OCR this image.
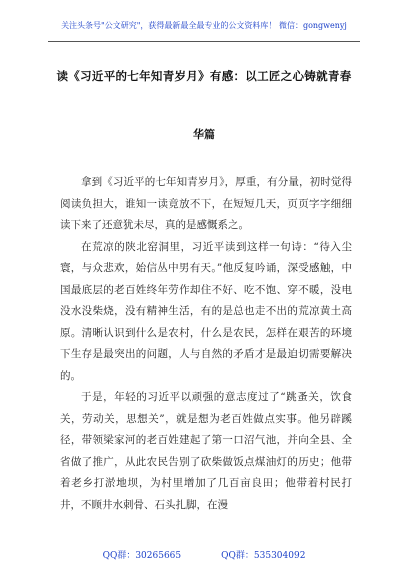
关注头条号"公文研究"，获得最新最全最专业的公文资料库！ 微信：gongwenyj
读《习近平的七年知青岁月》有感：以工匠之心铸就青春
华篇

拿到《习近平的七年知青岁月》，厚重，有分量，初时觉得阅读负担大，谁知一读竟放不下，在短短几天，页页字字细细读下来了还意犹未尽，真的是感慨系之。

在荒凉的陕北窑洞里，习近平读到这样一句诗：“待入尘寰，与众悲欢，始信丛中男有天。”他反复吟诵，深受感触，中国最底层的老百姓终年劳作却住不好、吃不饱、穿不暖，没电没水没柴烧，没有精神生活，有的是总也走不出的荒凉黄土高原。清晰认识到什么是农村，什么是农民，怎样在艰苦的环境下生存是最突出的问题，人与自然的矛盾才是最迫切需要解决的。

于是，年轻的习近平以顽强的意志度过了“跳蚤关，饮食关，劳动关，思想关”，就是想为老百姓做点实事。他另辟蹊径，带领梁家河的老百姓建起了第一口沼气池，并向全县、全省做了推广，从此农民告别了砍柴做饭点煤油灯的历史；他带着老乡打淤地坝，为村里增加了几百亩良田；他带着村民打井，不顾井水刺骨、石头扎脚，在漫

QQ群：30265665	QQ群：535304092
